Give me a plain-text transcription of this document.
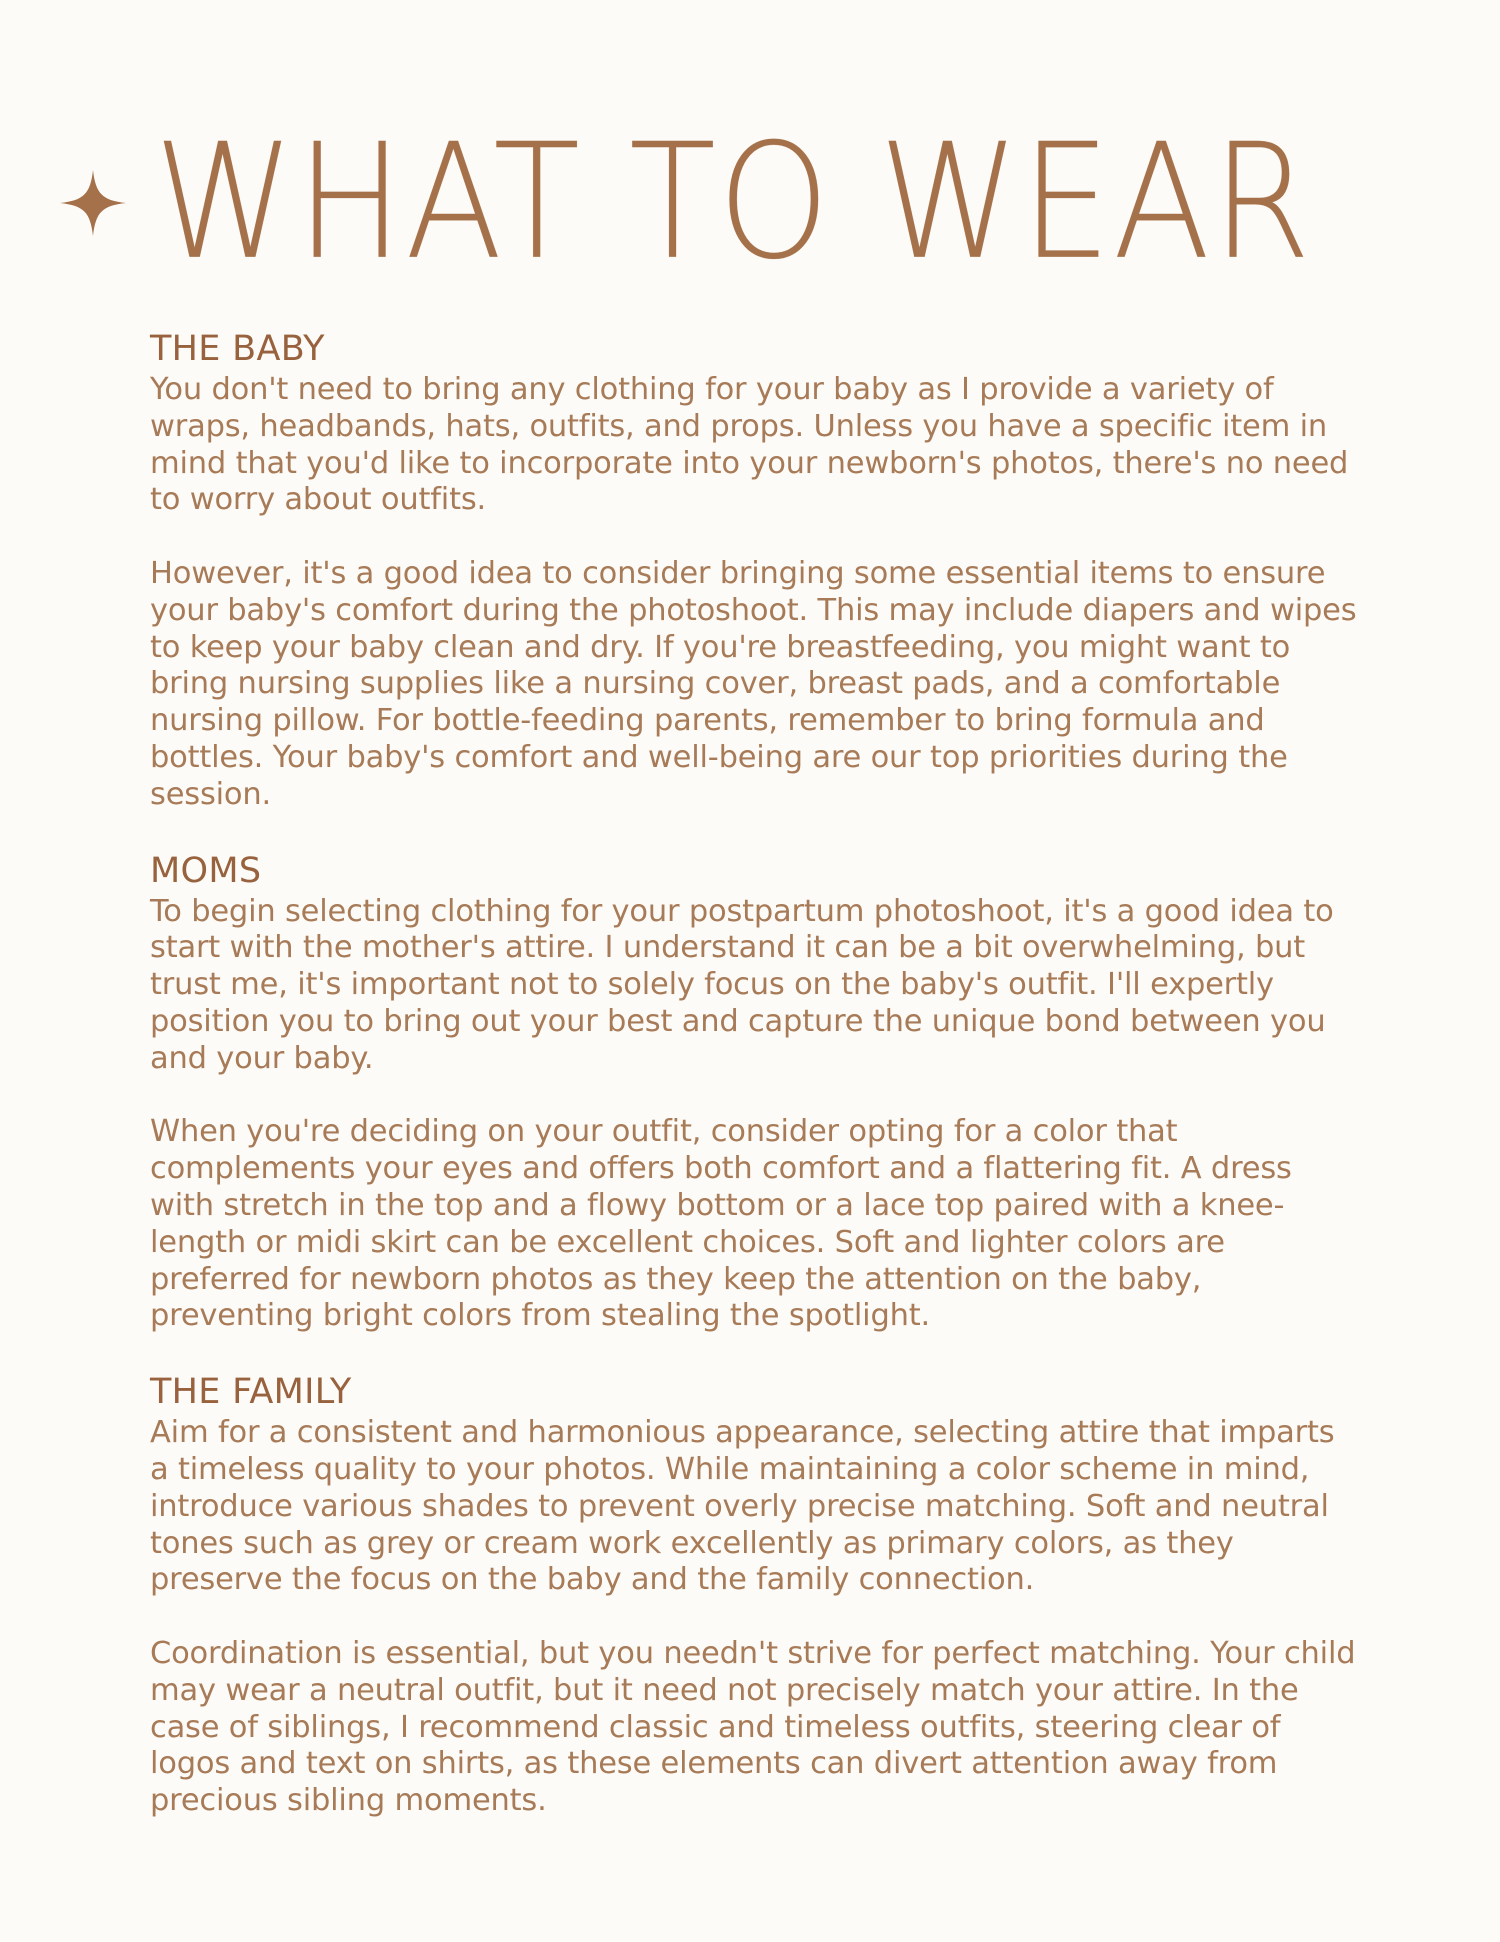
WHAT TO WEAR
THE BABY

You don't need to bring any clothing for your baby as I provide a variety of wraps, headbands, hats, outfits, and props. Unless you have a specific item in mind that you'd like to incorporate into your newborn's photos, there's no need to worry about outfits.

However, it's a good idea to consider bringing some essential items to ensure your baby's comfort during the photoshoot. This may include diapers and wipes to keep your baby clean and dry. If you're breastfeeding, you might want to bring nursing supplies like a nursing cover, breast pads, and a comfortable nursing pillow. For bottle-feeding parents, remember to bring formula and bottles. Your baby's comfort and well-being are our top priorities during the session.

MOMS

To begin selecting clothing for your postpartum photoshoot, it's a good idea to start with the mother's attire. I understand it can be a bit overwhelming, but trust me, it's important not to solely focus on the baby's outfit. I'll expertly position you to bring out your best and capture the unique bond between you and your baby.

When you're deciding on your outfit, consider opting for a color that complements your eyes and offers both comfort and a flattering fit. A dress with stretch in the top and a flowy bottom or a lace top paired with a knee-length or midi skirt can be excellent choices. Soft and lighter colors are preferred for newborn photos as they keep the attention on the baby, preventing bright colors from stealing the spotlight.

THE FAMILY

Aim for a consistent and harmonious appearance, selecting attire that imparts a timeless quality to your photos. While maintaining a color scheme in mind, introduce various shades to prevent overly precise matching. Soft and neutral tones such as grey or cream work excellently as primary colors, as they preserve the focus on the baby and the family connection.

Coordination is essential, but you needn't strive for perfect matching. Your child may wear a neutral outfit, but it need not precisely match your attire. In the case of siblings, I recommend classic and timeless outfits, steering clear of logos and text on shirts, as these elements can divert attention away from precious sibling moments.
